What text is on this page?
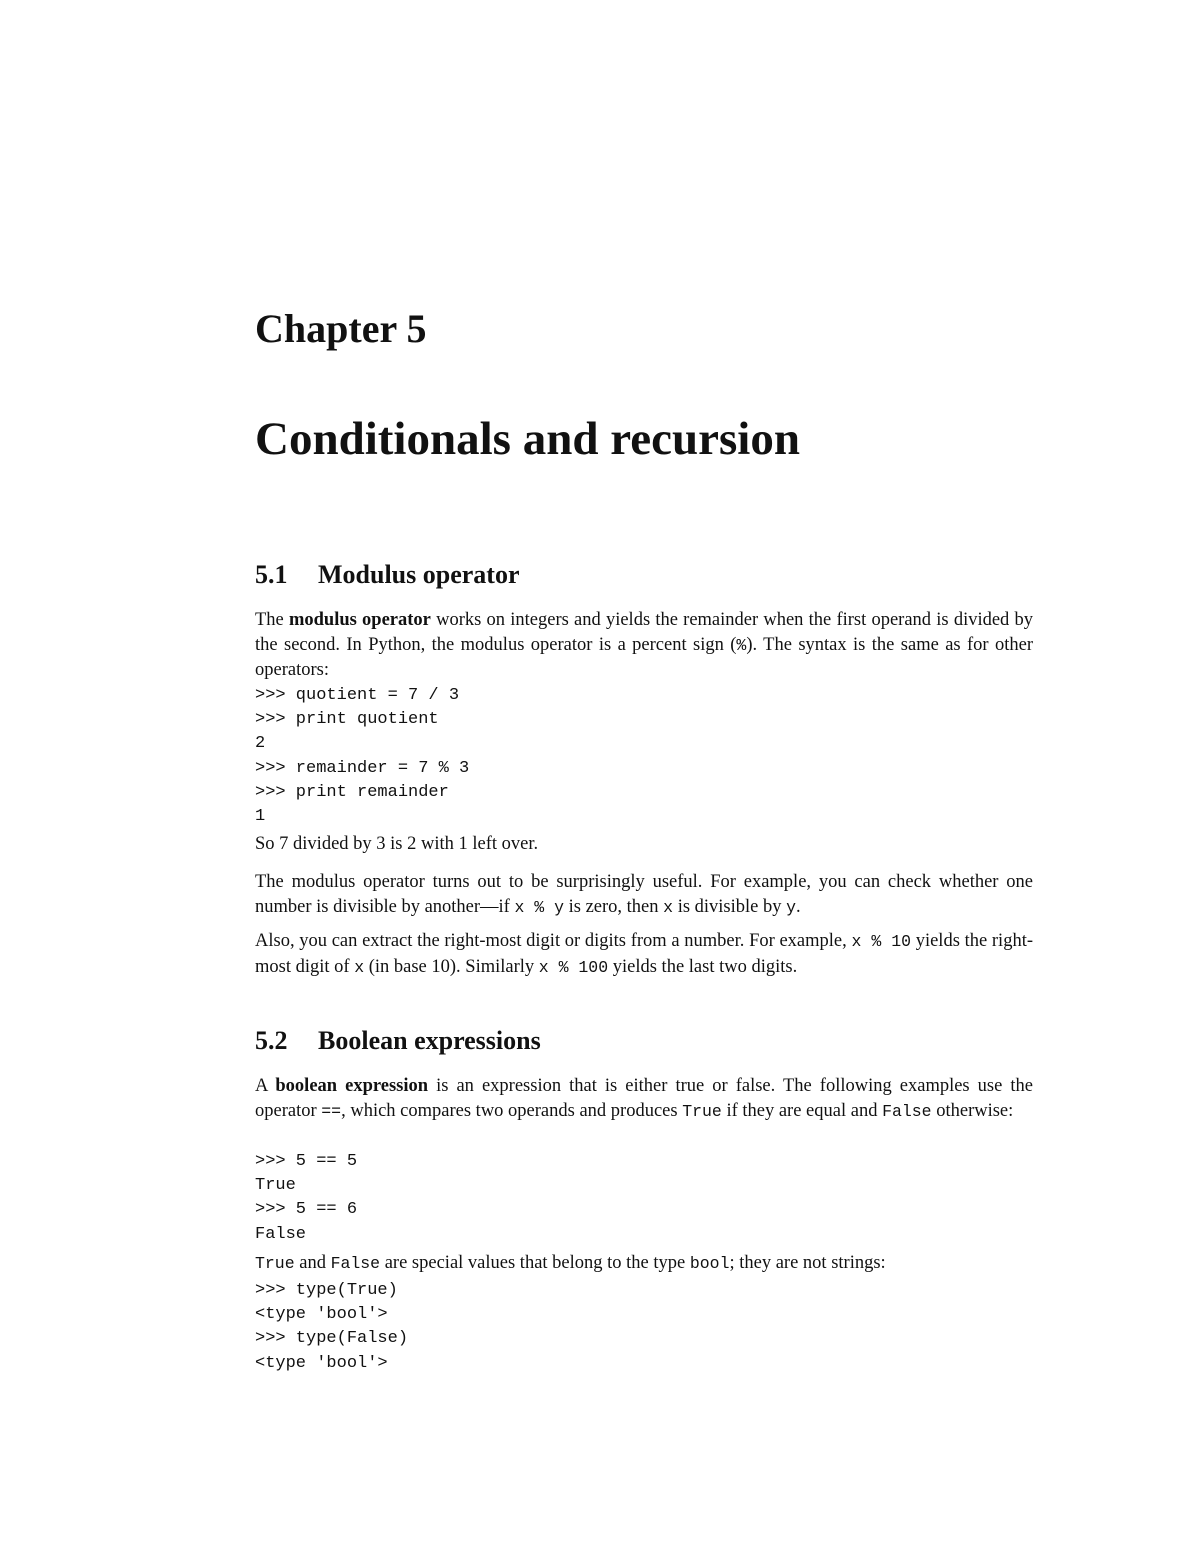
Chapter 5
Conditionals and recursion
5.1 Modulus operator
The modulus operator works on integers and yields the remainder when the first operand is divided by the second. In Python, the modulus operator is a percent sign (%). The syntax is the same as for other operators:
>>> quotient = 7 / 3
>>> print quotient
2
>>> remainder = 7 % 3
>>> print remainder
1
So 7 divided by 3 is 2 with 1 left over.
The modulus operator turns out to be surprisingly useful. For example, you can check whether one number is divisible by another—if x % y is zero, then x is divisible by y.
Also, you can extract the right-most digit or digits from a number. For example, x % 10 yields the right-most digit of x (in base 10). Similarly x % 100 yields the last two digits.
5.2 Boolean expressions
A boolean expression is an expression that is either true or false. The following examples use the operator ==, which compares two operands and produces True if they are equal and False otherwise:
>>> 5 == 5
True
>>> 5 == 6
False
True and False are special values that belong to the type bool; they are not strings:
>>> type(True)
<type 'bool'>
>>> type(False)
<type 'bool'>
